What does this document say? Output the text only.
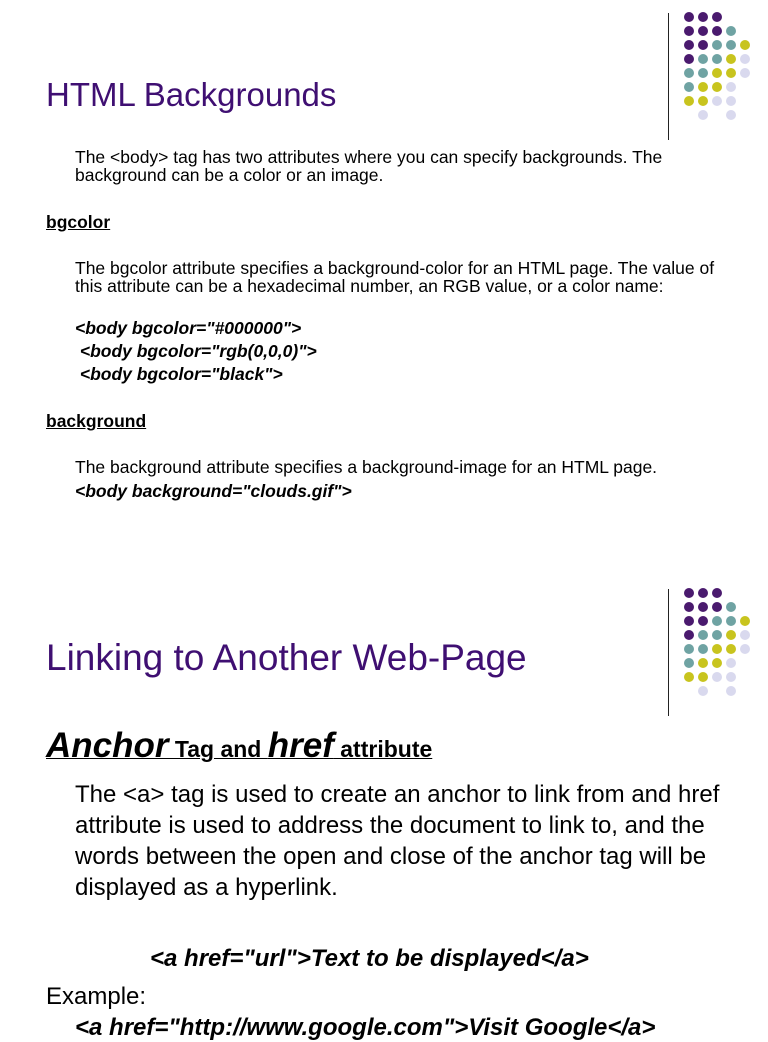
HTML Backgrounds

The <body> tag has two attributes where you can specify backgrounds. The background can be a color or an image.

bgcolor

The bgcolor attribute specifies a background-color for an HTML page. The value of this attribute can be a hexadecimal number, an RGB value, or a color name:

<body bgcolor="#000000">

<body bgcolor="rgb(0,0,0)">

<body bgcolor="black">

background

The background attribute specifies a background-image for an HTML page.

<body background="clouds.gif">

Linking to Another Web-Page

Anchor Tag and href attribute

The <a> tag is used to create an anchor to link from and href attribute is used to address the document to link to, and the words between the open and close of the anchor tag will be displayed as a hyperlink.

<a href="url">Text to be displayed</a>

Example:

<a href="http://www.google.com">Visit Google</a>
